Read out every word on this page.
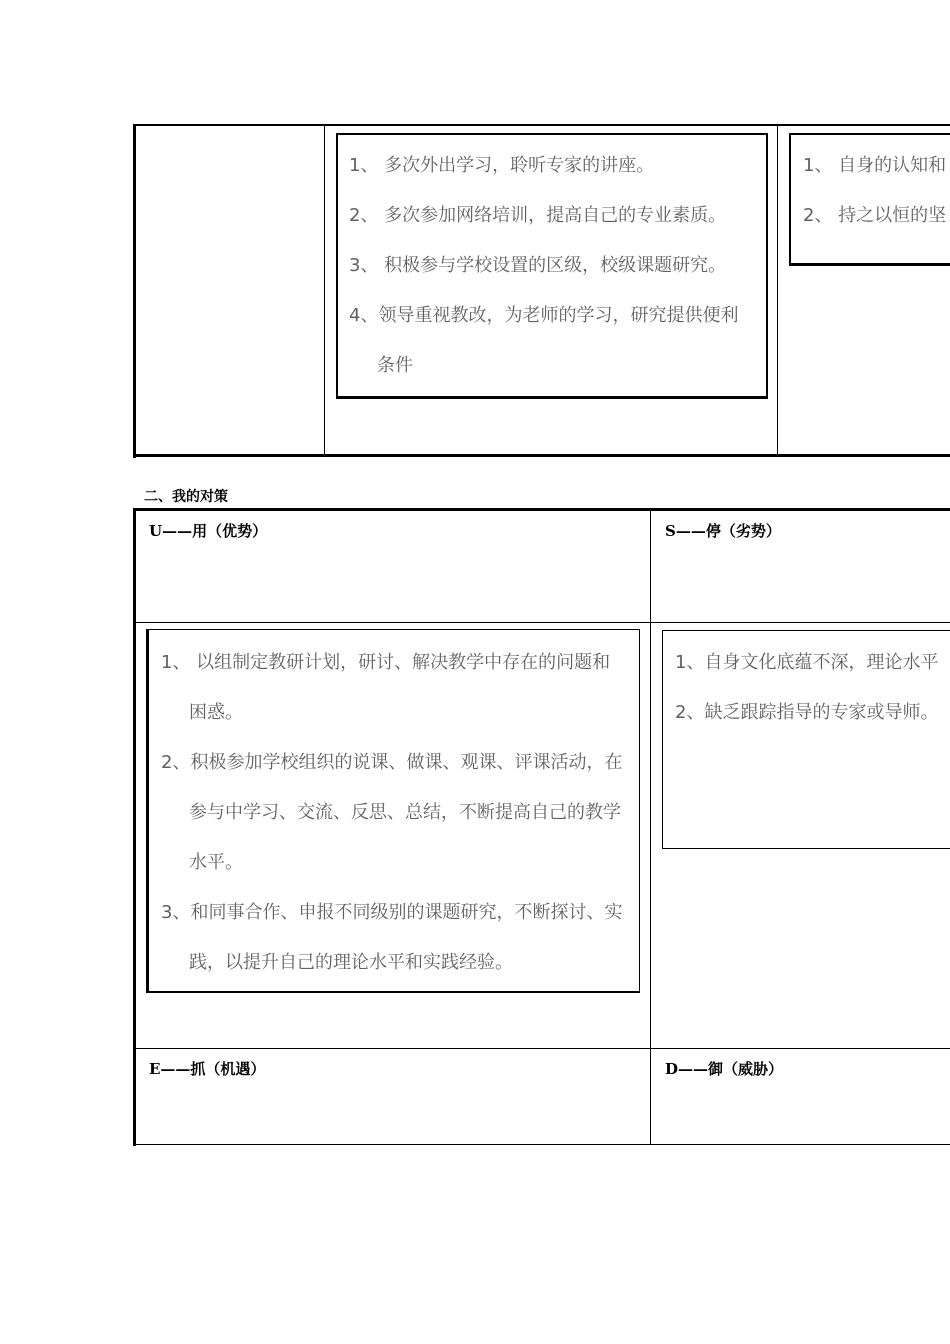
1、 多次外出学习，聆听专家的讲座。
2、 多次参加网络培训，提高自己的专业素质。
3、 积极参与学校设置的区级，校级课题研究。
4、领导重视教改，为老师的学习，研究提供便利
条件
1、 自身的认知和
2、 持之以恒的坚
二、我的对策
U——用（优势）	S——停（劣势）
E——抓（机遇）	D——御（威胁）
1、 以组制定教研计划，研讨、解决教学中存在的问题和
困惑。
2、积极参加学校组织的说课、做课、观课、评课活动，在
参与中学习、交流、反思、总结，不断提高自己的教学
水平。
3、和同事合作、申报不同级别的课题研究，不断探讨、实
践，以提升自己的理论水平和实践经验。
1、自身文化底蕴不深，理论水平
2、缺乏跟踪指导的专家或导师。
